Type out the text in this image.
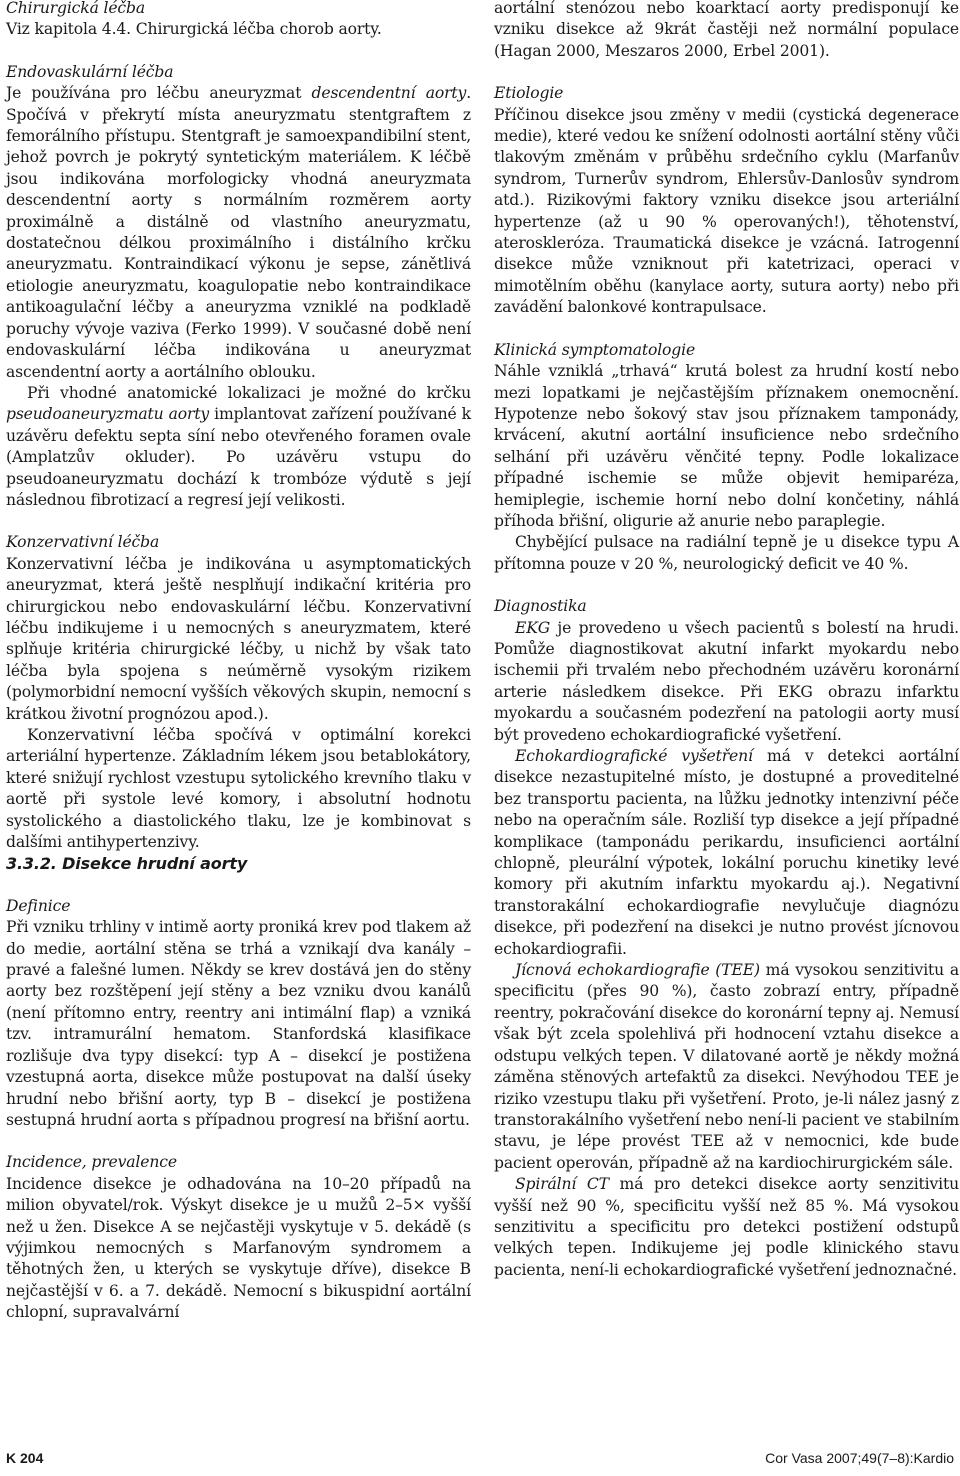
Chirurgická léčba

Viz kapitola 4.4. Chirurgická léčba chorob aorty.

Endovaskulární léčba

Je používána pro léčbu aneuryzmat descendentní aorty. Spočívá v překrytí místa aneuryzmatu stentgraftem z femorálního přístupu. Stentgraft je samoexpandibilní stent, jehož povrch je pokrytý syntetickým materiálem. K léčbě jsou indikována morfologicky vhodná aneuryzmata descendentní aorty s normálním rozměrem aorty proximálně a distálně od vlastního aneuryzmatu, dostatečnou délkou proximálního i distálního krčku aneuryzmatu. Kontraindikací výkonu je sepse, zánětlivá etiologie aneuryzmatu, koagulopatie nebo kontraindikace antikoagulační léčby a aneuryzma vzniklé na podkladě poruchy vývoje vaziva (Ferko 1999). V současné době není endovaskulární léčba indikována u aneuryzmat ascendentní aorty a aortálního oblouku.

Při vhodné anatomické lokalizaci je možné do krčku pseudoaneuryzmatu aorty implantovat zařízení používané k uzávěru defektu septa síní nebo otevřeného foramen ovale (Amplatzův okluder). Po uzávěru vstupu do pseudoaneuryzmatu dochází k trombóze výdutě s její následnou fibrotizací a regresí její velikosti.

Konzervativní léčba

Konzervativní léčba je indikována u asymptomatických aneuryzmat, která ještě nesplňují indikační kritéria pro chirurgickou nebo endovaskulární léčbu. Konzervativní léčbu indikujeme i u nemocných s aneuryzmatem, které splňuje kritéria chirurgické léčby, u nichž by však tato léčba byla spojena s neúměrně vysokým rizikem (polymorbidní nemocní vyšších věkových skupin, nemocní s krátkou životní prognózou apod.).

Konzervativní léčba spočívá v optimální korekci arteriální hypertenze. Základním lékem jsou betablokátory, které snižují rychlost vzestupu sytolického krevního tlaku v aortě při systole levé komory, i absolutní hodnotu systolického a diastolického tlaku, lze je kombinovat s dalšími antihypertenzivy.

3.3.2. Disekce hrudní aorty
Definice

Při vzniku trhliny v intimě aorty proniká krev pod tlakem až do medie, aortální stěna se trhá a vznikají dva kanály – pravé a falešné lumen. Někdy se krev dostává jen do stěny aorty bez rozštěpení její stěny a bez vzniku dvou kanálů (není přítomno entry, reentry ani intimální flap) a vzniká tzv. intramurální hematom. Stanfordská klasifikace rozlišuje dva typy disekcí: typ A – disekcí je postižena vzestupná aorta, disekce může postupovat na další úseky hrudní nebo břišní aorty, typ B – disekcí je postižena sestupná hrudní aorta s případnou progresí na břišní aortu.

Incidence, prevalence

Incidence disekce je odhadována na 10–20 případů na milion obyvatel/rok. Výskyt disekce je u mužů 2–5× vyšší než u žen. Disekce A se nejčastěji vyskytuje v 5. dekádě (s výjimkou nemocných s Marfanovým syndromem a těhotných žen, u kterých se vyskytuje dříve), disekce B nejčastější v 6. a 7. dekádě. Nemocní s bikuspidní aortální chlopní, supravalvární

aortální stenózou nebo koarktací aorty predisponují ke vzniku disekce až 9krát častěji než normální populace (Hagan 2000, Meszaros 2000, Erbel 2001).

Etiologie

Příčinou disekce jsou změny v medii (cystická degenerace medie), které vedou ke snížení odolnosti aortální stěny vůči tlakovým změnám v průběhu srdečního cyklu (Marfanův syndrom, Turnerův syndrom, Ehlersův-Danlosův syndrom atd.). Rizikovými faktory vzniku disekce jsou arteriální hypertenze (až u 90 % operovaných!), těhotenství, ateroskleróza. Traumatická disekce je vzácná. Iatrogenní disekce může vzniknout při katetrizaci, operaci v mimotělním oběhu (kanylace aorty, sutura aorty) nebo při zavádění balonkové kontrapulsace.

Klinická symptomatologie

Náhle vzniklá „trhavá“ krutá bolest za hrudní kostí nebo mezi lopatkami je nejčastějším příznakem onemocnění. Hypotenze nebo šokový stav jsou příznakem tamponády, krvácení, akutní aortální insuficience nebo srdečního selhání při uzávěru věnčité tepny. Podle lokalizace případné ischemie se může objevit hemiparéza, hemiplegie, ischemie horní nebo dolní končetiny, náhlá příhoda břišní, oligurie až anurie nebo paraplegie.

Chybějící pulsace na radiální tepně je u disekce typu A přítomna pouze v 20 %, neurologický deficit ve 40 %.

Diagnostika

EKG je provedeno u všech pacientů s bolestí na hrudi. Pomůže diagnostikovat akutní infarkt myokardu nebo ischemii při trvalém nebo přechodném uzávěru koronární arterie následkem disekce. Při EKG obrazu infarktu myokardu a současném podezření na patologii aorty musí být provedeno echokardiografické vyšetření.

Echokardiografické vyšetření má v detekci aortální disekce nezastupitelné místo, je dostupné a proveditelné bez transportu pacienta, na lůžku jednotky intenzivní péče nebo na operačním sále. Rozliší typ disekce a její případné komplikace (tamponádu perikardu, insuficienci aortální chlopně, pleurální výpotek, lokální poruchu kinetiky levé komory při akutním infarktu myokardu aj.). Negativní transtorakální echokardiografie nevylučuje diagnózu disekce, při podezření na disekci je nutno provést jícnovou echokardiografii.

Jícnová echokardiografie (TEE) má vysokou senzitivitu a specificitu (přes 90 %), často zobrazí entry, případně reentry, pokračování disekce do koronární tepny aj. Nemusí však být zcela spolehlivá při hodnocení vztahu disekce a odstupu velkých tepen. V dilatované aortě je někdy možná záměna stěnových artefaktů za disekci. Nevýhodou TEE je riziko vzestupu tlaku při vyšetření. Proto, je-li nález jasný z transtorakálního vyšetření nebo není-li pacient ve stabilním stavu, je lépe provést TEE až v nemocnici, kde bude pacient operován, případně až na kardiochirurgickém sále.

Spirální CT má pro detekci disekce aorty senzitivitu vyšší než 90 %, specificitu vyšší než 85 %. Má vysokou senzitivitu a specificitu pro detekci postižení odstupů velkých tepen. Indikujeme jej podle klinického stavu pacienta, není-li echokardiografické vyšetření jednoznačné.

K 204	Cor Vasa 2007;49(7–8):Kardio
